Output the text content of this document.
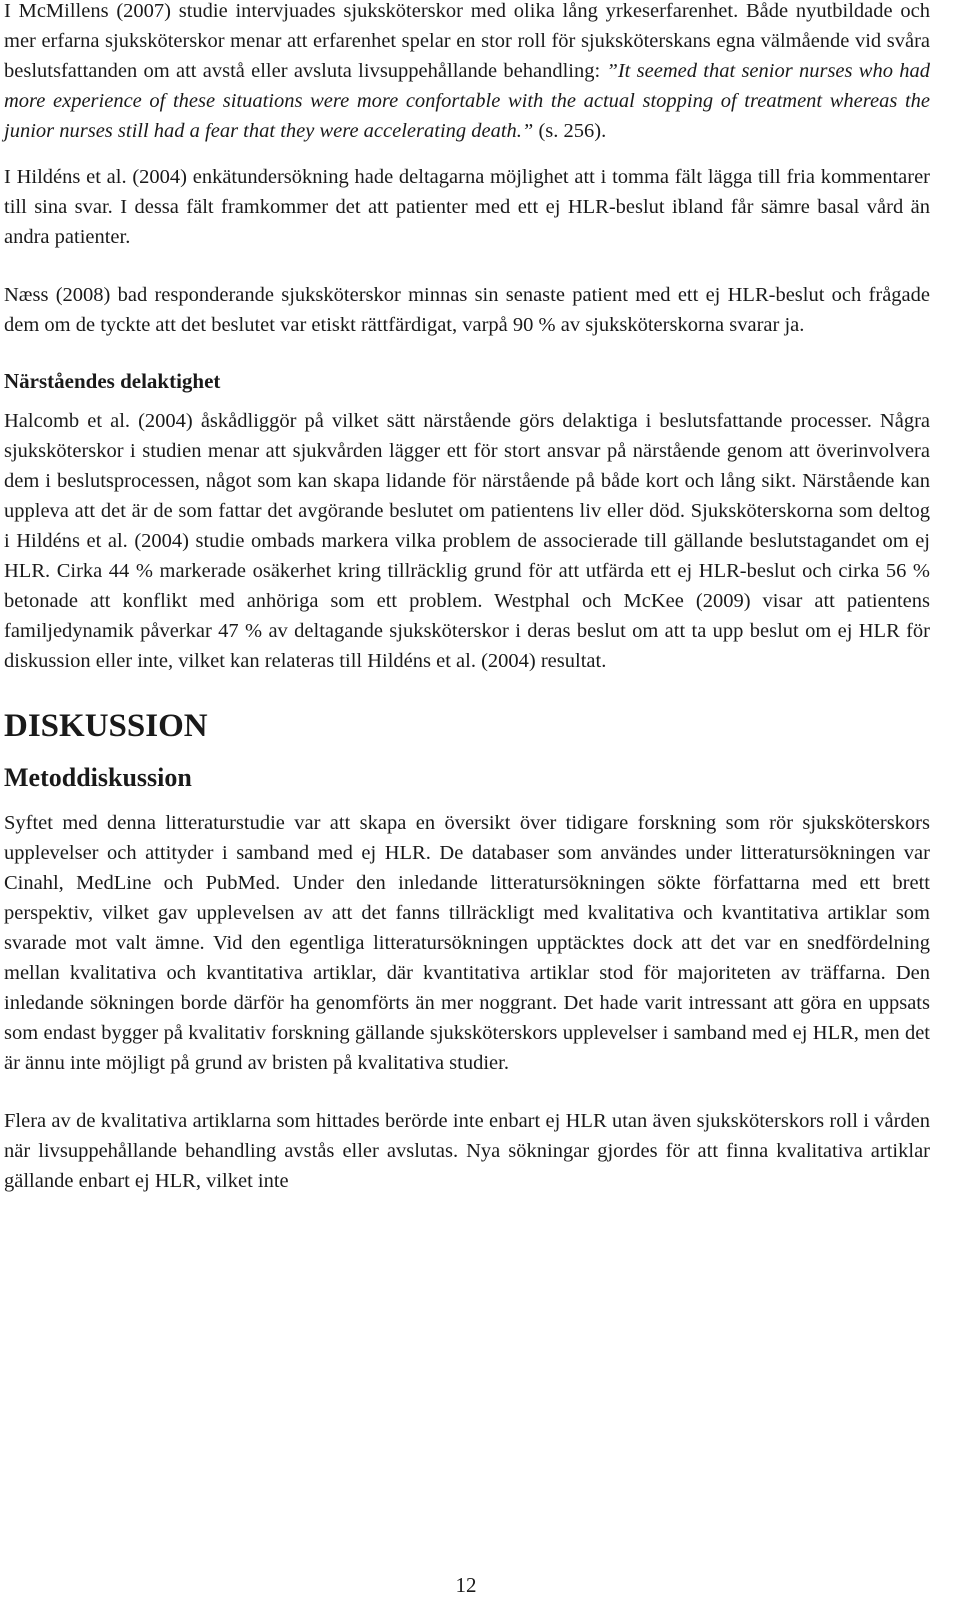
I McMillens (2007) studie intervjuades sjuksköterskor med olika lång yrkeserfarenhet. Både nyutbildade och mer erfarna sjuksköterskor menar att erfarenhet spelar en stor roll för sjuksköterskans egna välmående vid svåra beslutsfattanden om att avstå eller avsluta livsuppehållande behandling: ”It seemed that senior nurses who had more experience of these situations were more confortable with the actual stopping of treatment whereas the junior nurses still had a fear that they were accelerating death.” (s. 256).

I Hildéns et al. (2004) enkätundersökning hade deltagarna möjlighet att i tomma fält lägga till fria kommentarer till sina svar. I dessa fält framkommer det att patienter med ett ej HLR-beslut ibland får sämre basal vård än andra patienter.

Næss (2008) bad responderande sjuksköterskor minnas sin senaste patient med ett ej HLR-beslut och frågade dem om de tyckte att det beslutet var etiskt rättfärdigat, varpå 90 % av sjuksköterskorna svarar ja.

Närståendes delaktighet

Halcomb et al. (2004) åskådliggör på vilket sätt närstående görs delaktiga i beslutsfattande processer. Några sjuksköterskor i studien menar att sjukvården lägger ett för stort ansvar på närstående genom att överinvolvera dem i beslutsprocessen, något som kan skapa lidande för närstående på både kort och lång sikt. Närstående kan uppleva att det är de som fattar det avgörande beslutet om patientens liv eller död. Sjuksköterskorna som deltog i Hildéns et al. (2004) studie ombads markera vilka problem de associerade till gällande beslutstagandet om ej HLR. Cirka 44 % markerade osäkerhet kring tillräcklig grund för att utfärda ett ej HLR-beslut och cirka 56 % betonade att konflikt med anhöriga som ett problem. Westphal och McKee (2009) visar att patientens familjedynamik påverkar 47 % av deltagande sjuksköterskor i deras beslut om att ta upp beslut om ej HLR för diskussion eller inte, vilket kan relateras till Hildéns et al. (2004) resultat.

DISKUSSION
Metoddiskussion

Syftet med denna litteraturstudie var att skapa en översikt över tidigare forskning som rör sjuksköterskors upplevelser och attityder i samband med ej HLR. De databaser som användes under litteratursökningen var Cinahl, MedLine och PubMed. Under den inledande litteratursökningen sökte författarna med ett brett perspektiv, vilket gav upplevelsen av att det fanns tillräckligt med kvalitativa och kvantitativa artiklar som svarade mot valt ämne. Vid den egentliga litteratursökningen upptäcktes dock att det var en snedfördelning mellan kvalitativa och kvantitativa artiklar, där kvantitativa artiklar stod för majoriteten av träffarna. Den inledande sökningen borde därför ha genomförts än mer noggrant. Det hade varit intressant att göra en uppsats som endast bygger på kvalitativ forskning gällande sjuksköterskors upplevelser i samband med ej HLR, men det är ännu inte möjligt på grund av bristen på kvalitativa studier.

Flera av de kvalitativa artiklarna som hittades berörde inte enbart ej HLR utan även sjuksköterskors roll i vården när livsuppehållande behandling avstås eller avslutas. Nya sökningar gjordes för att finna kvalitativa artiklar gällande enbart ej HLR, vilket inte

12
